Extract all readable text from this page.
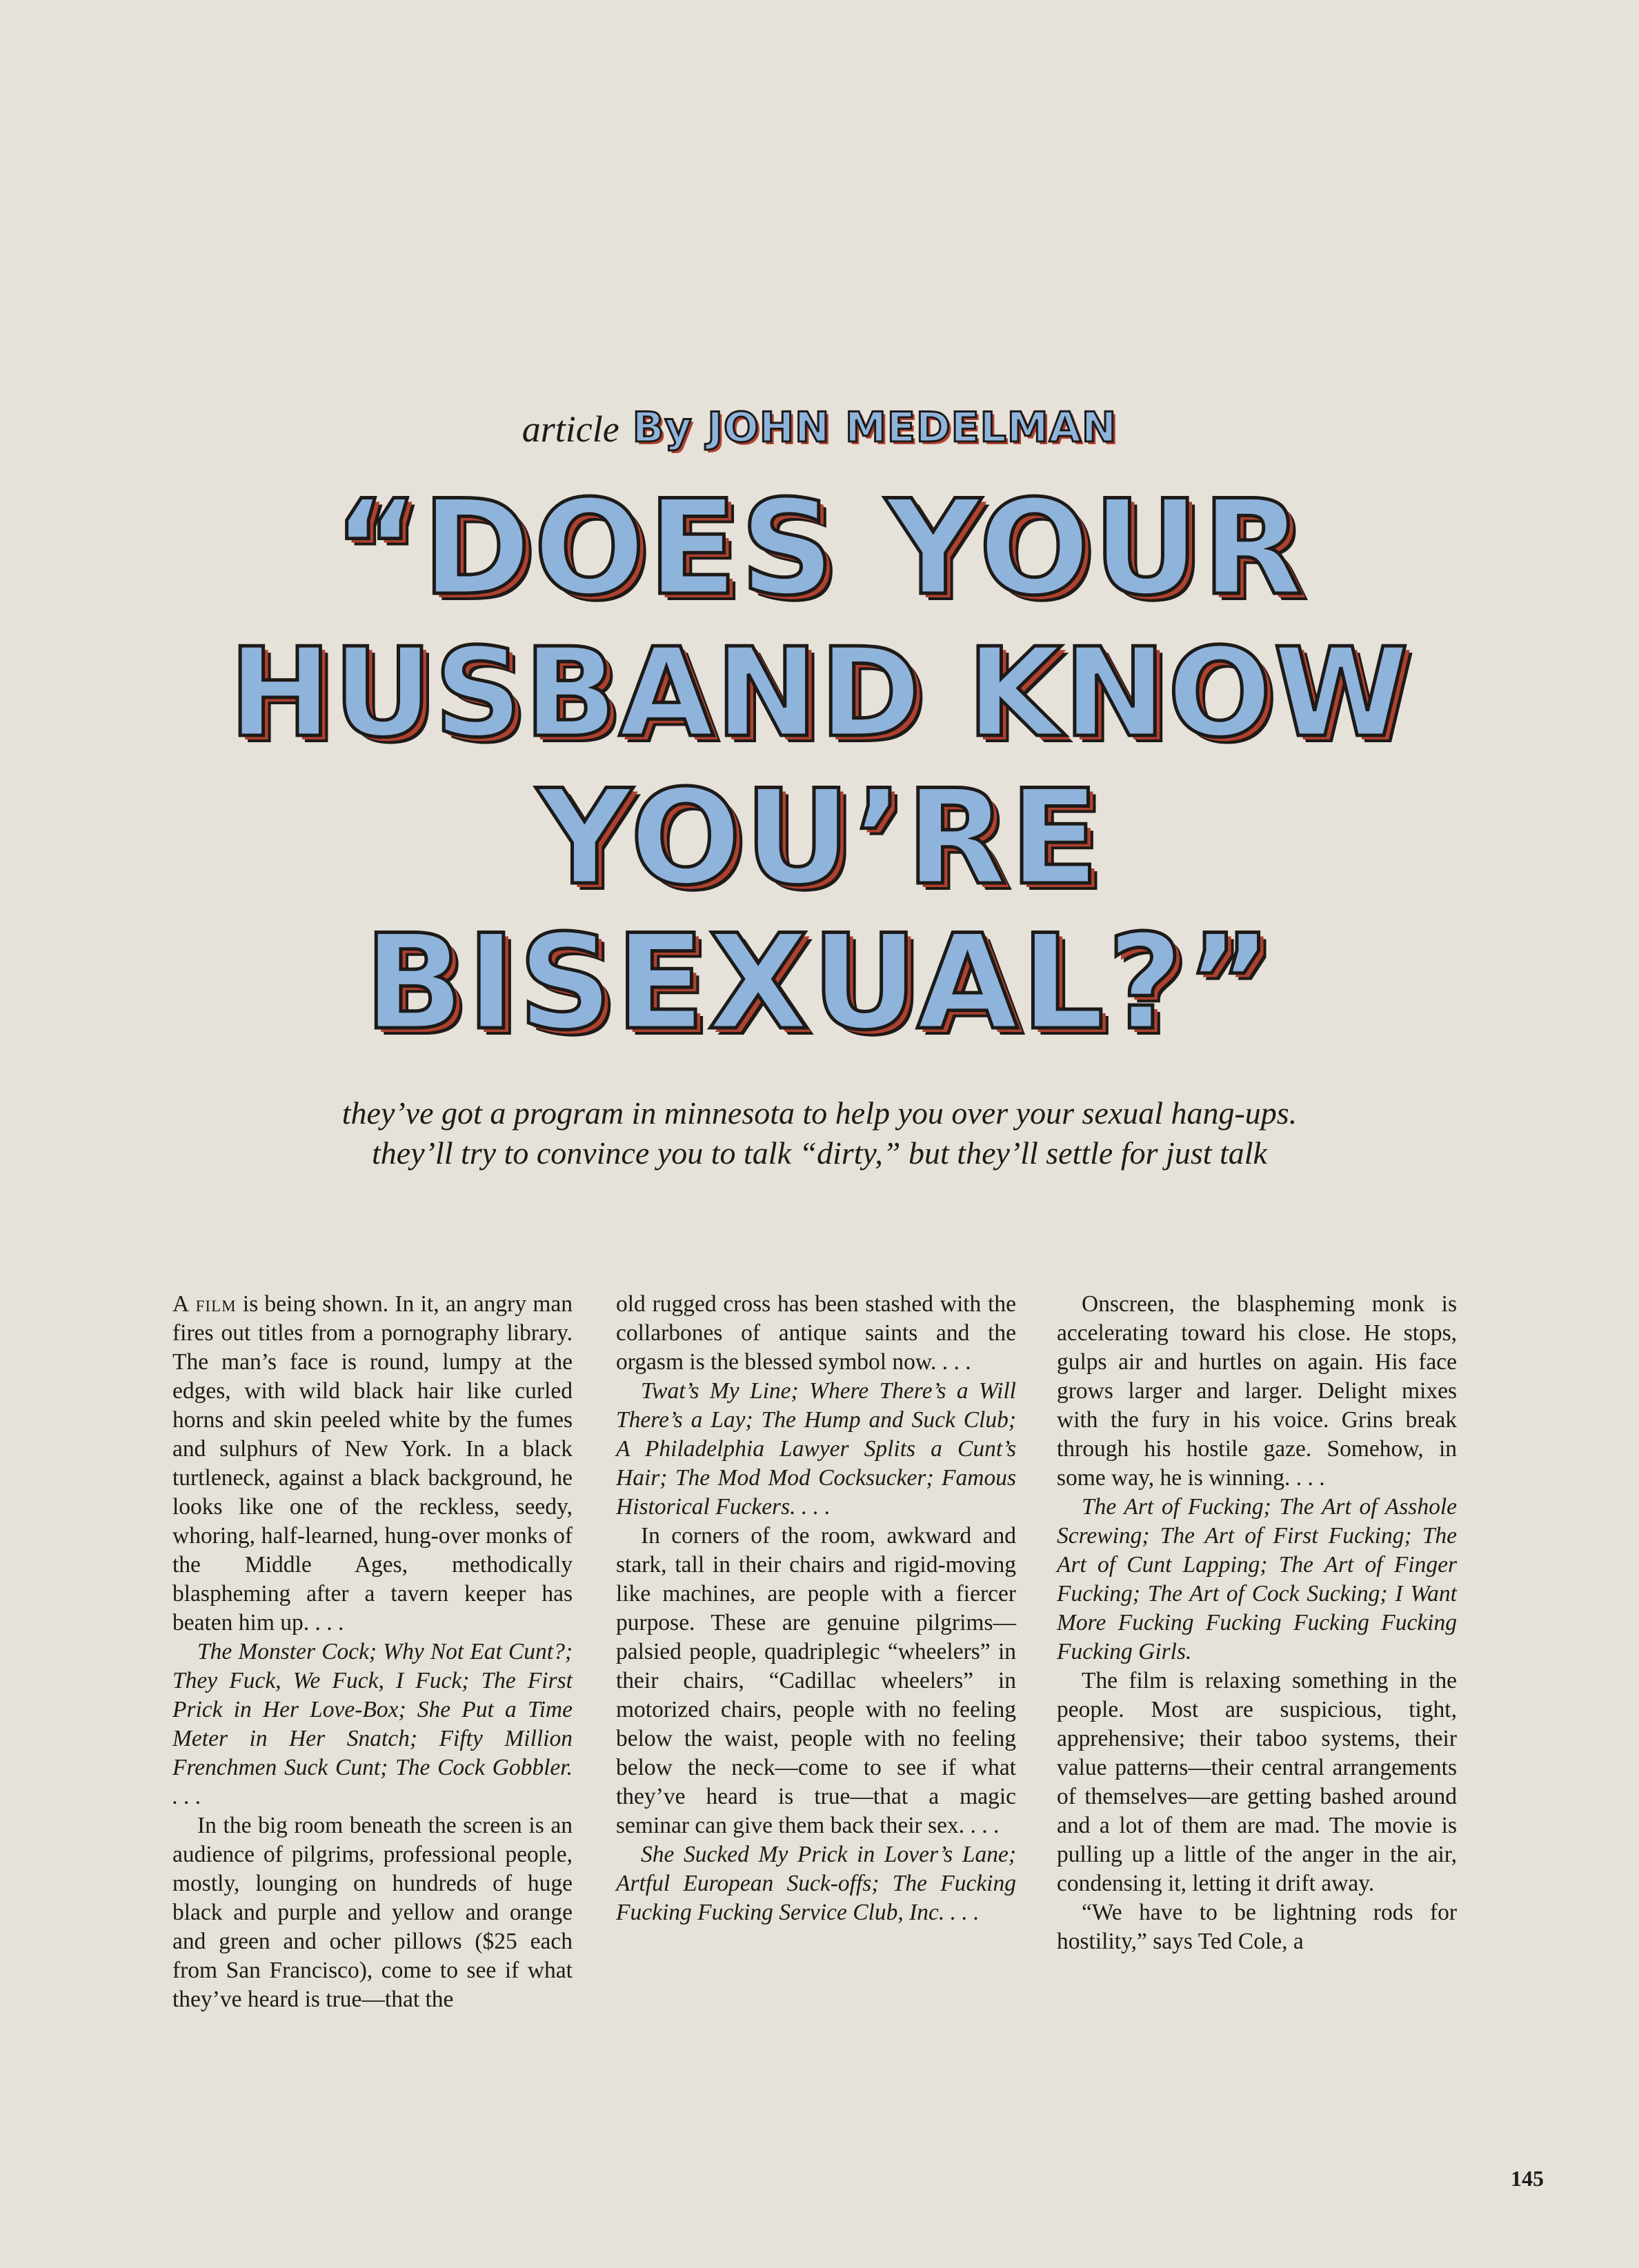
article By JOHN MEDELMAN
“DOES YOUR
HUSBAND KNOW
YOU’RE
BISEXUAL?”
they’ve got a program in minnesota to help you over your sexual hang-ups.
they’ll try to convince you to talk “dirty,” but they’ll settle for just talk

A film is being shown. In it, an angry man fires out titles from a pornography library. The man’s face is round, lumpy at the edges, with wild black hair like curled horns and skin peeled white by the fumes and sulphurs of New York. In a black turtleneck, against a black background, he looks like one of the reckless, seedy, whoring, half-learned, hung-over monks of the Middle Ages, methodically blaspheming after a tavern keeper has beaten him up. . . .

The Monster Cock; Why Not Eat Cunt?; They Fuck, We Fuck, I Fuck; The First Prick in Her Love-Box; She Put a Time Meter in Her Snatch; Fifty Million Frenchmen Suck Cunt; The Cock Gobbler. . . .

In the big room beneath the screen is an audience of pilgrims, professional people, mostly, lounging on hundreds of huge black and purple and yellow and orange and green and ocher pillows ($25 each from San Francisco), come to see if what they’ve heard is true—that the

old rugged cross has been stashed with the collarbones of antique saints and the orgasm is the blessed symbol now. . . .

Twat’s My Line; Where There’s a Will There’s a Lay; The Hump and Suck Club; A Philadelphia Lawyer Splits a Cunt’s Hair; The Mod Mod Cocksucker; Famous Historical Fuckers. . . .

In corners of the room, awkward and stark, tall in their chairs and rigid-moving like machines, are people with a fiercer purpose. These are genuine pilgrims—palsied people, quadriplegic “wheelers” in their chairs, “Cadillac wheelers” in motorized chairs, people with no feeling below the waist, people with no feeling below the neck—come to see if what they’ve heard is true—that a magic seminar can give them back their sex. . . .

She Sucked My Prick in Lover’s Lane; Artful European Suck-offs; The Fucking Fucking Fucking Service Club, Inc. . . .

Onscreen, the blaspheming monk is accelerating toward his close. He stops, gulps air and hurtles on again. His face grows larger and larger. Delight mixes with the fury in his voice. Grins break through his hostile gaze. Somehow, in some way, he is winning. . . .

The Art of Fucking; The Art of Asshole Screwing; The Art of First Fucking; The Art of Cunt Lapping; The Art of Finger Fucking; The Art of Cock Sucking; I Want More Fucking Fucking Fucking Fucking Fucking Girls.

The film is relaxing something in the people. Most are suspicious, tight, apprehensive; their taboo systems, their value patterns—their central arrangements of themselves—are getting bashed around and a lot of them are mad. The movie is pulling up a little of the anger in the air, condensing it, letting it drift away.

“We have to be lightning rods for hostility,” says Ted Cole, a

145
